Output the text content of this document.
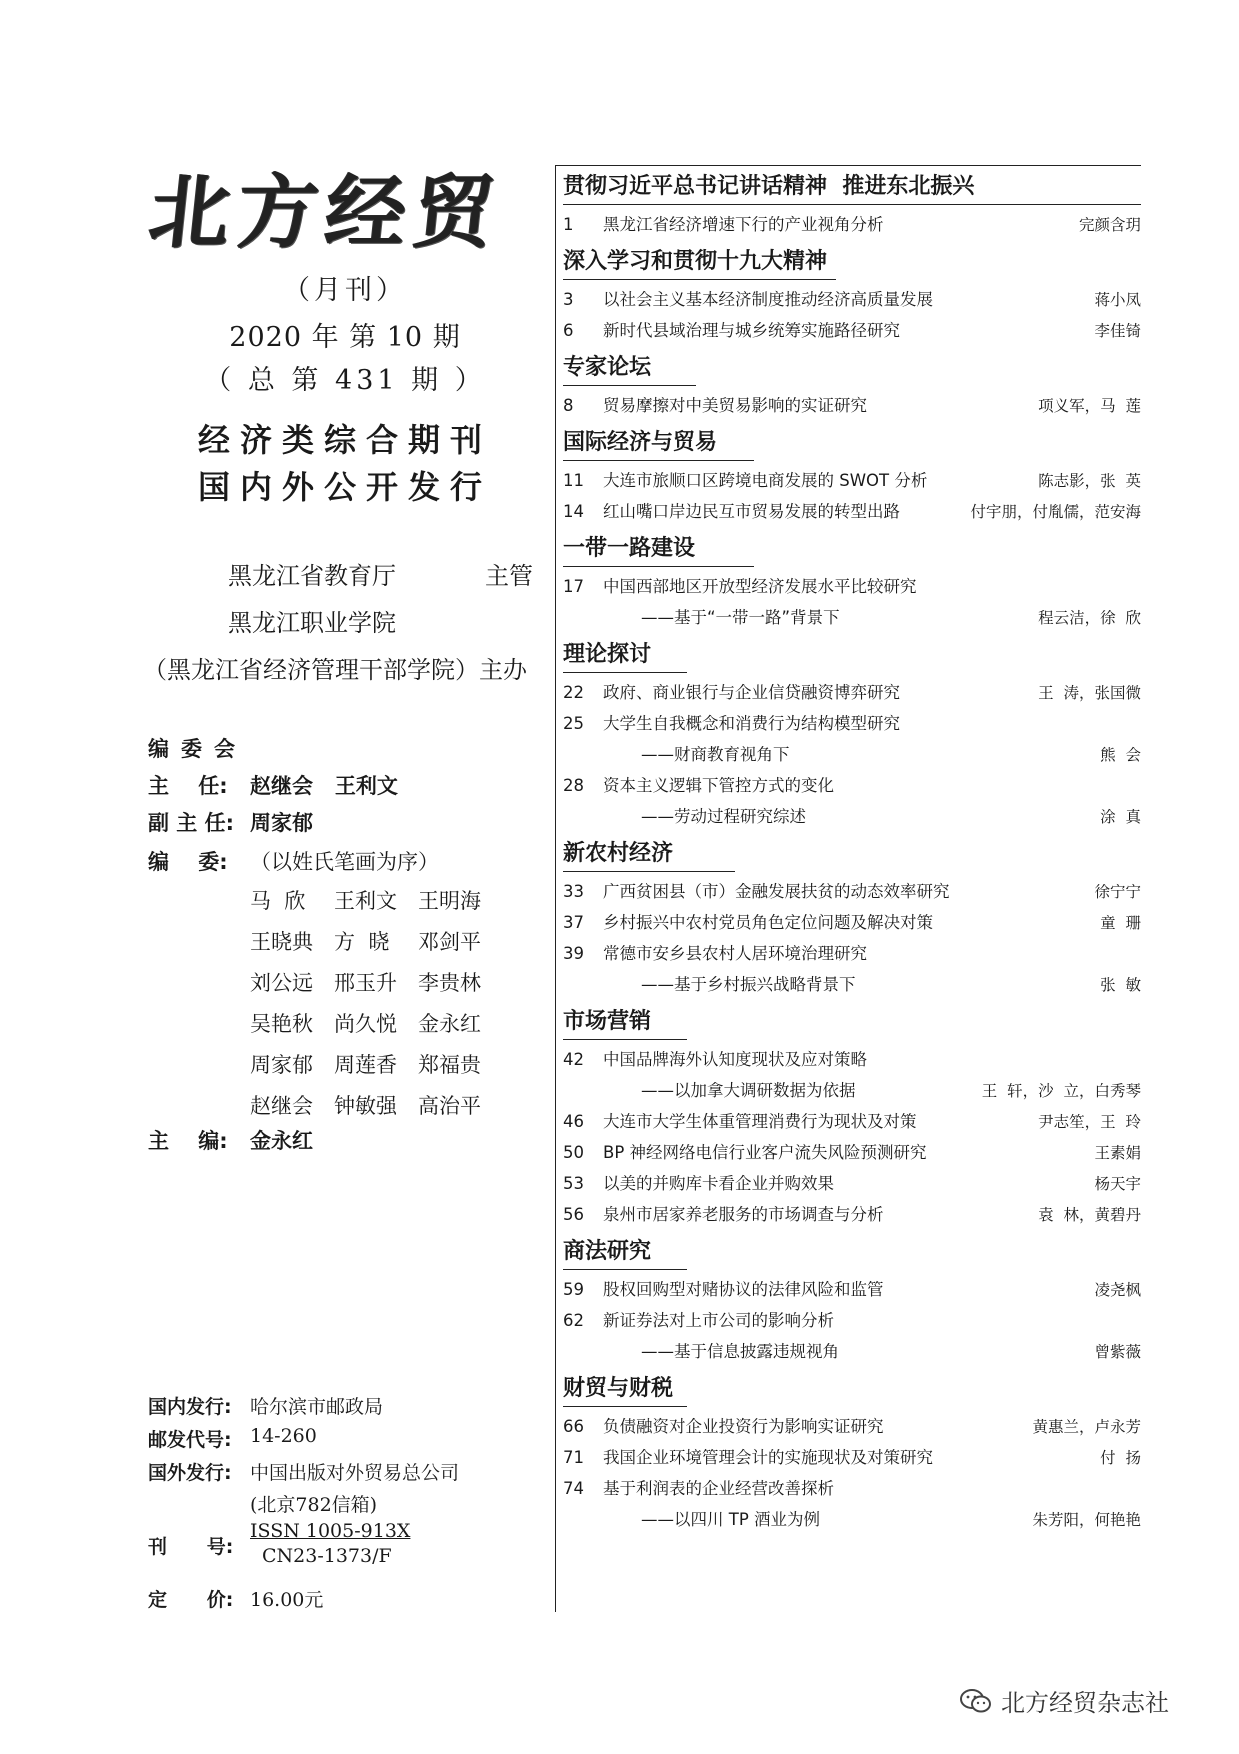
北方经贸
（月刊）
2020 年 第 10 期
（ 总 第 431 期 ）
经济类综合期刊
国内外公开发行
黑龙江省教育厅	主管
黑龙江职业学院
（黑龙江省经济管理干部学院）主办
编委会
主    任: 赵继会   王利文
副 主 任: 周家郁
编    委: （以姓氏笔画为序）
马  欣	王利文	王明海
王晓典	方  晓	邓剑平
刘公远	邢玉升	李贵林
吴艳秋	尚久悦	金永红
周家郁	周莲香	郑福贵
赵继会	钟敏强	高治平
主    编: 金永红
国内发行: 哈尔滨市邮政局
邮发代号: 14-260
国外发行: 中国出版对外贸易总公司
(北京782信箱)
刊      号:
ISSN 1005-913X
CN23-1373/F
定      价: 16.00元
贯彻习近平总书记讲话精神  推进东北振兴
1	黑龙江省经济增速下行的产业视角分析	完颜含玥
深入学习和贯彻十九大精神
3	以社会主义基本经济制度推动经济高质量发展	蒋小凤
6	新时代县域治理与城乡统筹实施路径研究	李佳锜
专家论坛
8	贸易摩擦对中美贸易影响的实证研究	项义军，马  莲
国际经济与贸易
11	大连市旅顺口区跨境电商发展的 SWOT 分析	陈志影，张  英
14	红山嘴口岸边民互市贸易发展的转型出路	付宇朋，付胤儒，范安海
一带一路建设
17	中国西部地区开放型经济发展水平比较研究
——基于“一带一路”背景下	程云洁，徐  欣
理论探讨
22	政府、商业银行与企业信贷融资博弈研究	王  涛，张国微
25	大学生自我概念和消费行为结构模型研究
——财商教育视角下	熊  会
28	资本主义逻辑下管控方式的变化
——劳动过程研究综述	涂  真
新农村经济
33	广西贫困县（市）金融发展扶贫的动态效率研究	徐宁宁
37	乡村振兴中农村党员角色定位问题及解决对策	童  珊
39	常德市安乡县农村人居环境治理研究
——基于乡村振兴战略背景下	张  敏
市场营销
42	中国品牌海外认知度现状及应对策略
——以加拿大调研数据为依据	王  轩，沙  立，白秀琴
46	大连市大学生体重管理消费行为现状及对策	尹志笙，王  玲
50	BP 神经网络电信行业客户流失风险预测研究	王素娟
53	以美的并购库卡看企业并购效果	杨天宇
56	泉州市居家养老服务的市场调查与分析	袁  林，黄碧丹
商法研究
59	股权回购型对赌协议的法律风险和监管	凌尧枫
62	新证券法对上市公司的影响分析
——基于信息披露违规视角	曾紫薇
财贸与财税
66	负债融资对企业投资行为影响实证研究	黄惠兰，卢永芳
71	我国企业环境管理会计的实施现状及对策研究	付  扬
74	基于利润表的企业经营改善探析
——以四川 TP 酒业为例	朱芳阳，何艳艳
北方经贸杂志社
